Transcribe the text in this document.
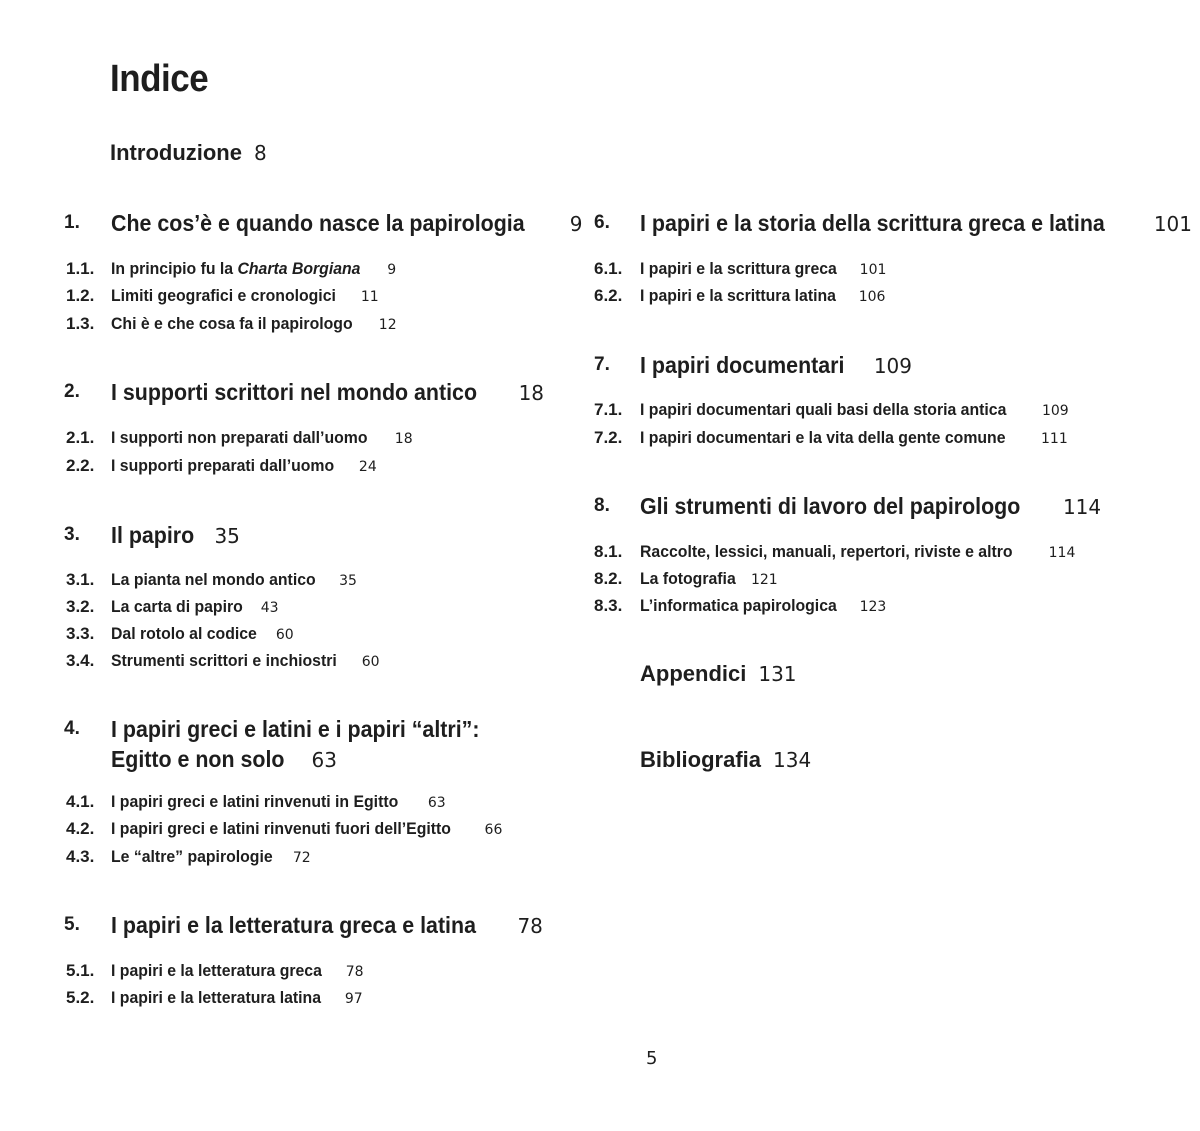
Indice
Introduzione 8
1. Che cos’è e quando nasce la papirologia 9
1.1. In principio fu la Charta Borgiana 9
1.2. Limiti geografici e cronologici 11
1.3. Chi è e che cosa fa il papirologo 12
2. I supporti scrittori nel mondo antico 18
2.1. I supporti non preparati dall’uomo 18
2.2. I supporti preparati dall’uomo 24
3. Il papiro 35
3.1. La pianta nel mondo antico 35
3.2. La carta di papiro 43
3.3. Dal rotolo al codice 60
3.4. Strumenti scrittori e inchiostri 60
4. I papiri greci e latini e i papiri “altri”:
Egitto e non solo 63
4.1. I papiri greci e latini rinvenuti in Egitto 63
4.2. I papiri greci e latini rinvenuti fuori dell’Egitto 66
4.3. Le “altre” papirologie 72
5. I papiri e la letteratura greca e latina 78
5.1. I papiri e la letteratura greca 78
5.2. I papiri e la letteratura latina 97
6. I papiri e la storia della scrittura greca e latina 101
6.1. I papiri e la scrittura greca 101
6.2. I papiri e la scrittura latina 106
7. I papiri documentari 109
7.1. I papiri documentari quali basi della storia antica	109
7.2. I papiri documentari e la vita della gente comune	111
8. Gli strumenti di lavoro del papirologo 114
8.1. Raccolte, lessici, manuali, repertori, riviste e altro	114
8.2. La fotografia 121
8.3. L’informatica papirologica 123
Appendici 131
Bibliografia 134
5
